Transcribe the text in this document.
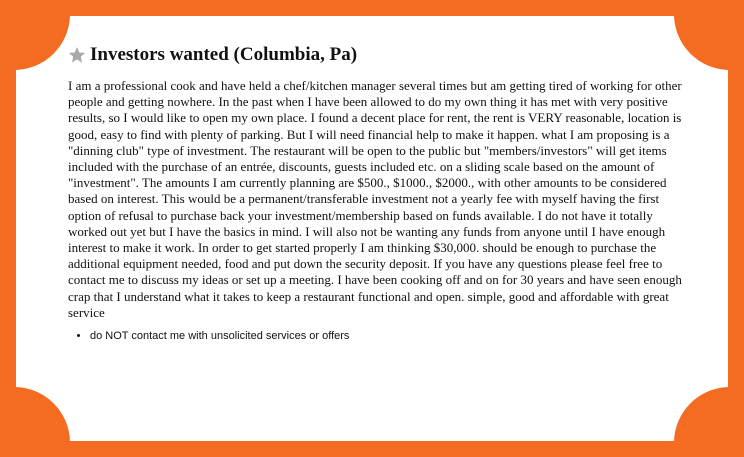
Investors wanted (Columbia, Pa)

I am a professional cook and have held a chef/kitchen manager several times but am getting tired of working for other people and getting nowhere. In the past when I have been allowed to do my own thing it has met with very positive results, so I would like to open my own place. I found a decent place for rent, the rent is VERY reasonable, location is good, easy to find with plenty of parking. But I will need financial help to make it happen. what I am proposing is a "dinning club" type of investment. The restaurant will be open to the public but "members/investors" will get items included with the purchase of an entrée, discounts, guests included etc. on a sliding scale based on the amount of "investment". The amounts I am currently planning are $500., $1000., $2000., with other amounts to be considered based on interest. This would be a permanent/transferable investment not a yearly fee with myself having the first option of refusal to purchase back your investment/membership based on funds available. I do not have it totally worked out yet but I have the basics in mind. I will also not be wanting any funds from anyone until I have enough interest to make it work. In order to get started properly I am thinking $30,000. should be enough to purchase the additional equipment needed, food and put down the security deposit. If you have any questions please feel free to contact me to discuss my ideas or set up a meeting. I have been cooking off and on for 30 years and have seen enough crap that I understand what it takes to keep a restaurant functional and open. simple, good and affordable with great service

• do NOT contact me with unsolicited services or offers
